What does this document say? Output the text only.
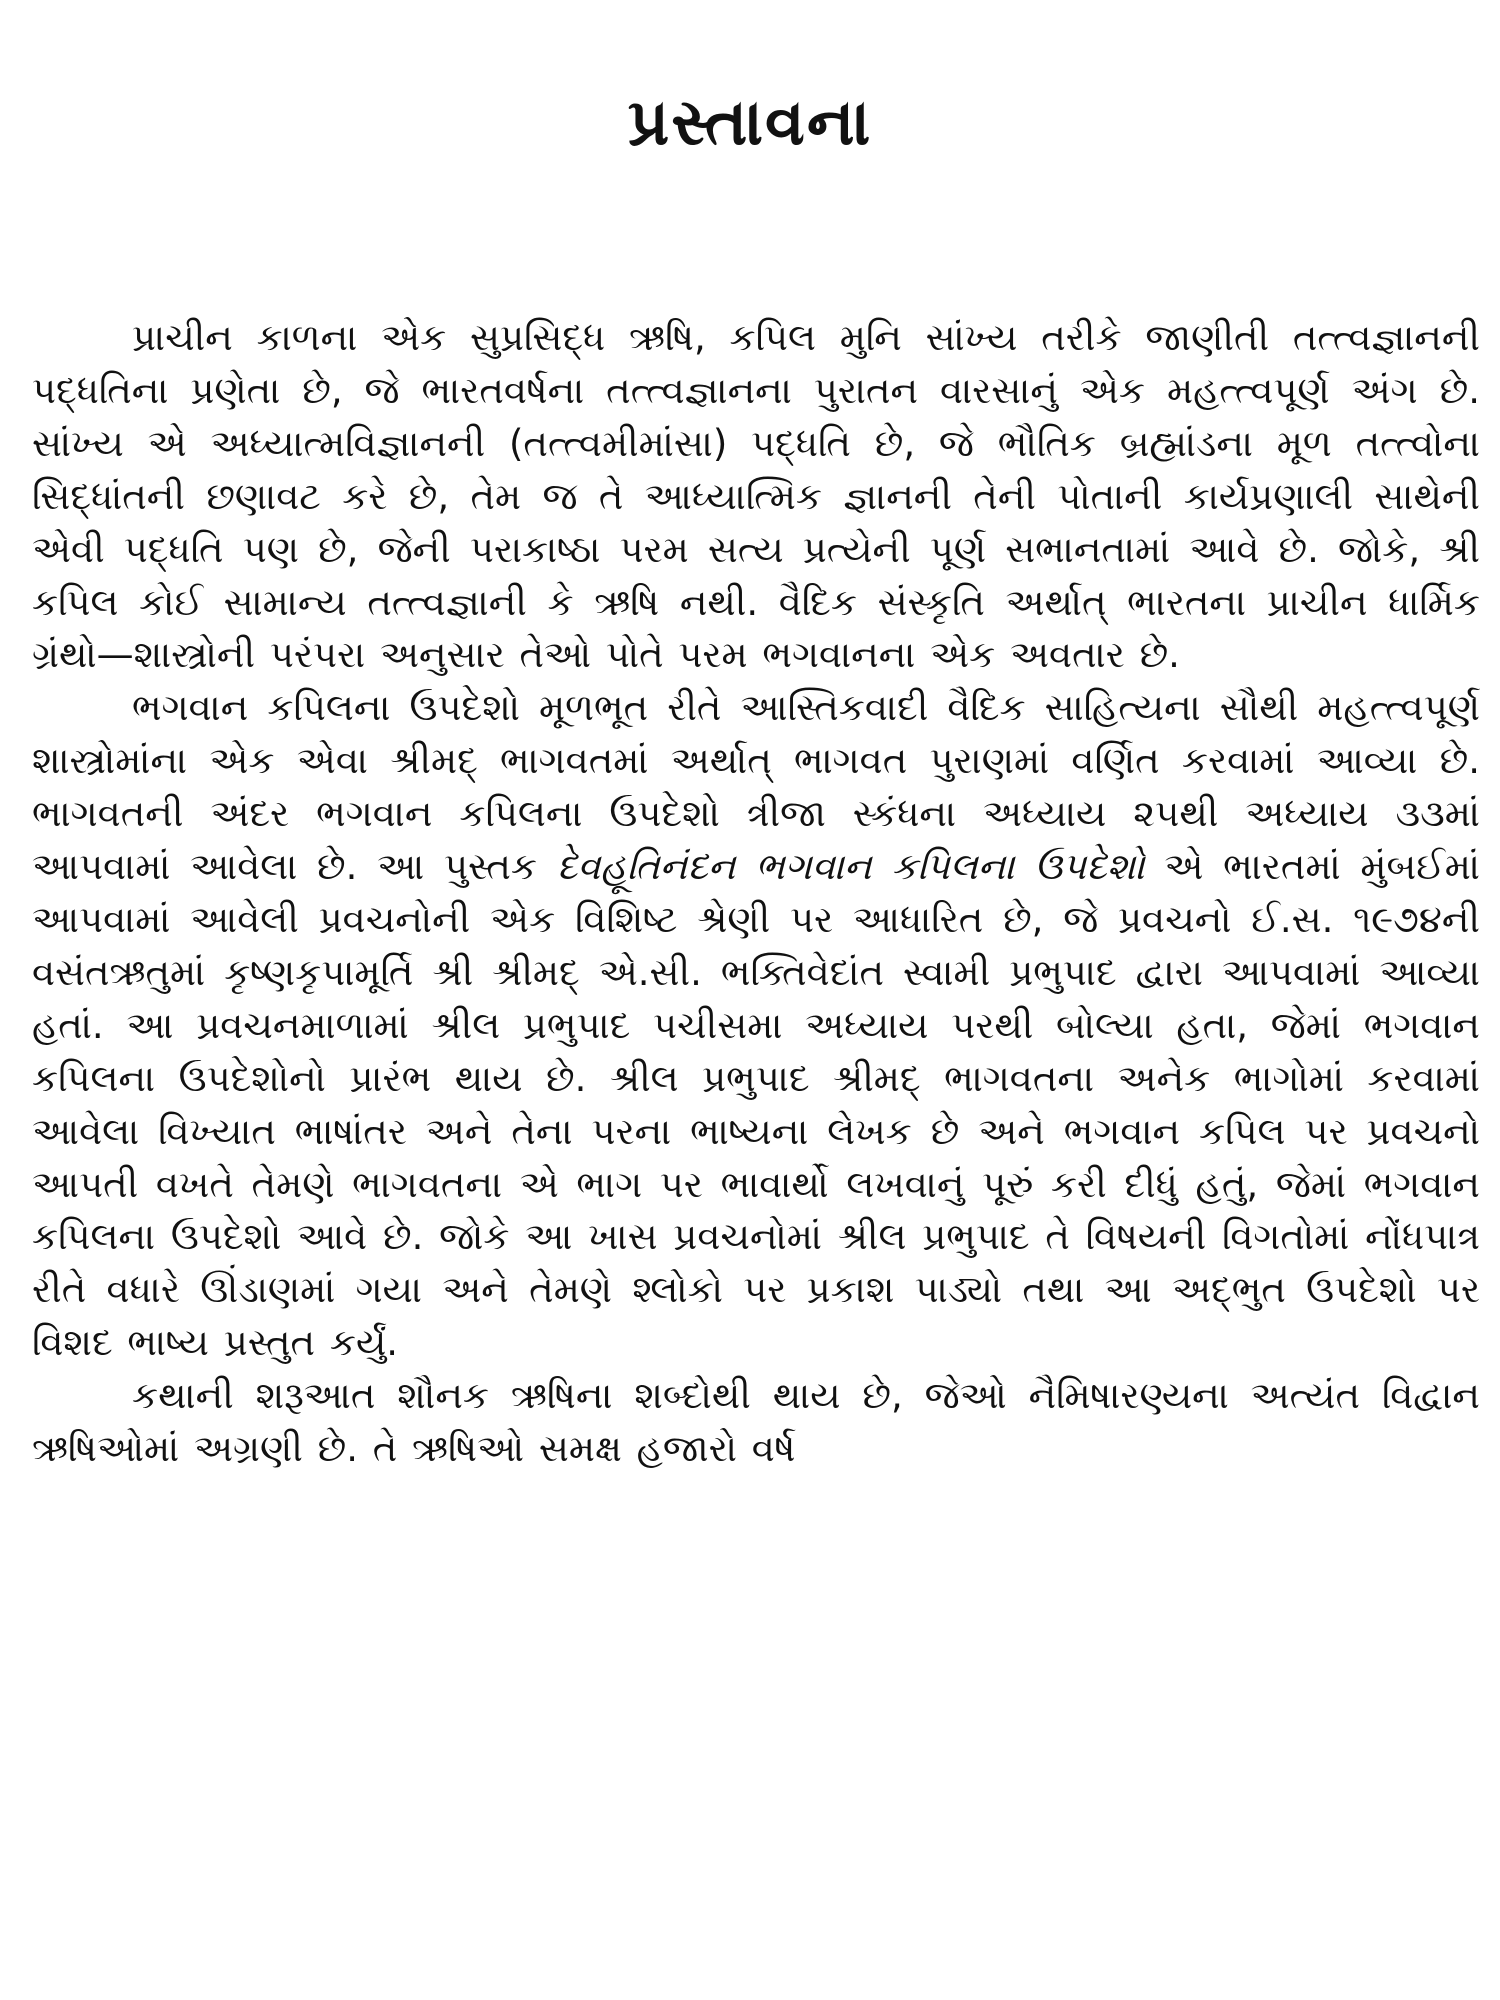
પ્રસ્તાવના

પ્રાચીન કાળના એક સુપ્રસિદ્ધ ઋષિ, કપિલ મુનિ સાંખ્ય તરીકે જાણીતી તત્ત્વજ્ઞાનની પદ્ધતિના પ્રણેતા છે, જે ભારતવર્ષના તત્ત્વજ્ઞાનના પુરાતન વારસાનું એક મહત્ત્વપૂર્ણ અંગ છે. સાંખ્ય એ અધ્યાત્મવિજ્ઞાનની (તત્ત્વમીમાંસા) પદ્ધતિ છે, જે ભૌતિક બ્રહ્માંડના મૂળ તત્ત્વોના સિદ્ધાંતની છણાવટ કરે છે, તેમ જ તે આધ્યાત્મિક જ્ઞાનની તેની પોતાની કાર્યપ્રણાલી સાથેની એવી પદ્ધતિ પણ છે, જેની પરાકાષ્ઠા પરમ સત્ય પ્રત્યેની પૂર્ણ સભાનતામાં આવે છે. જોકે, શ્રી કપિલ કોઈ સામાન્ય તત્ત્વજ્ઞાની કે ઋષિ નથી. વૈદિક સંસ્કૃતિ અર્થાત્ ભારતના પ્રાચીન ધાર્મિક ગ્રંથો—શાસ્ત્રોની પરંપરા અનુસાર તેઓ પોતે પરમ ભગવાનના એક અવતાર છે.

ભગવાન કપિલના ઉપદેશો મૂળભૂત રીતે આસ્તિકવાદી વૈદિક સાહિત્યના સૌથી મહત્ત્વપૂર્ણ શાસ્ત્રોમાંના એક એવા શ્રીમદ્ ભાગવતમાં અર્થાત્ ભાગવત પુરાણમાં વર્ણિત કરવામાં આવ્યા છે. ભાગવતની અંદર ભગવાન કપિલના ઉપદેશો ત્રીજા સ્કંધના અધ્યાય ૨૫થી અધ્યાય ૩૩માં આપવામાં આવેલા છે. આ પુસ્તક દેવહૂતિનંદન ભગવાન કપિલના ઉપદેશો એ ભારતમાં મુંબઈમાં આપવામાં આવેલી પ્રવચનોની એક વિશિષ્ટ શ્રેણી પર આધારિત છે, જે પ્રવચનો ઈ.સ. ૧૯૭૪ની વસંતઋતુમાં કૃષ્ણકૃપામૂર્તિ શ્રી શ્રીમદ્ એ.સી. ભક્તિવેદાંત સ્વામી પ્રભુપાદ દ્વારા આપવામાં આવ્યા હતાં. આ પ્રવચનમાળામાં શ્રીલ પ્રભુપાદ પચીસમા અધ્યાય પરથી બોલ્યા હતા, જેમાં ભગવાન કપિલના ઉપદેશોનો પ્રારંભ થાય છે. શ્રીલ પ્રભુપાદ શ્રીમદ્ ભાગવતના અનેક ભાગોમાં કરવામાં આવેલા વિખ્યાત ભાષાંતર અને તેના પરના ભાષ્યના લેખક છે અને ભગવાન કપિલ પર પ્રવચનો આપતી વખતે તેમણે ભાગવતના એ ભાગ પર ભાવાર્થો લખવાનું પૂરું કરી દીધું હતું, જેમાં ભગવાન કપિલના ઉપદેશો આવે છે. જોકે આ ખાસ પ્રવચનોમાં શ્રીલ પ્રભુપાદ તે વિષયની વિગતોમાં નોંધપાત્ર રીતે વધારે ઊંડાણમાં ગયા અને તેમણે શ્લોકો પર પ્રકાશ પાડ્યો તથા આ અદ્ભુત ઉપદેશો પર વિશદ ભાષ્ય પ્રસ્તુત કર્યું.

કથાની શરૂઆત શૌનક ઋષિના શબ્દોથી થાય છે, જેઓ નૈમિષારણ્યના અત્યંત વિદ્વાન ઋષિઓમાં અગ્રણી છે. તે ઋષિઓ સમક્ષ હજારો વર્ષ
